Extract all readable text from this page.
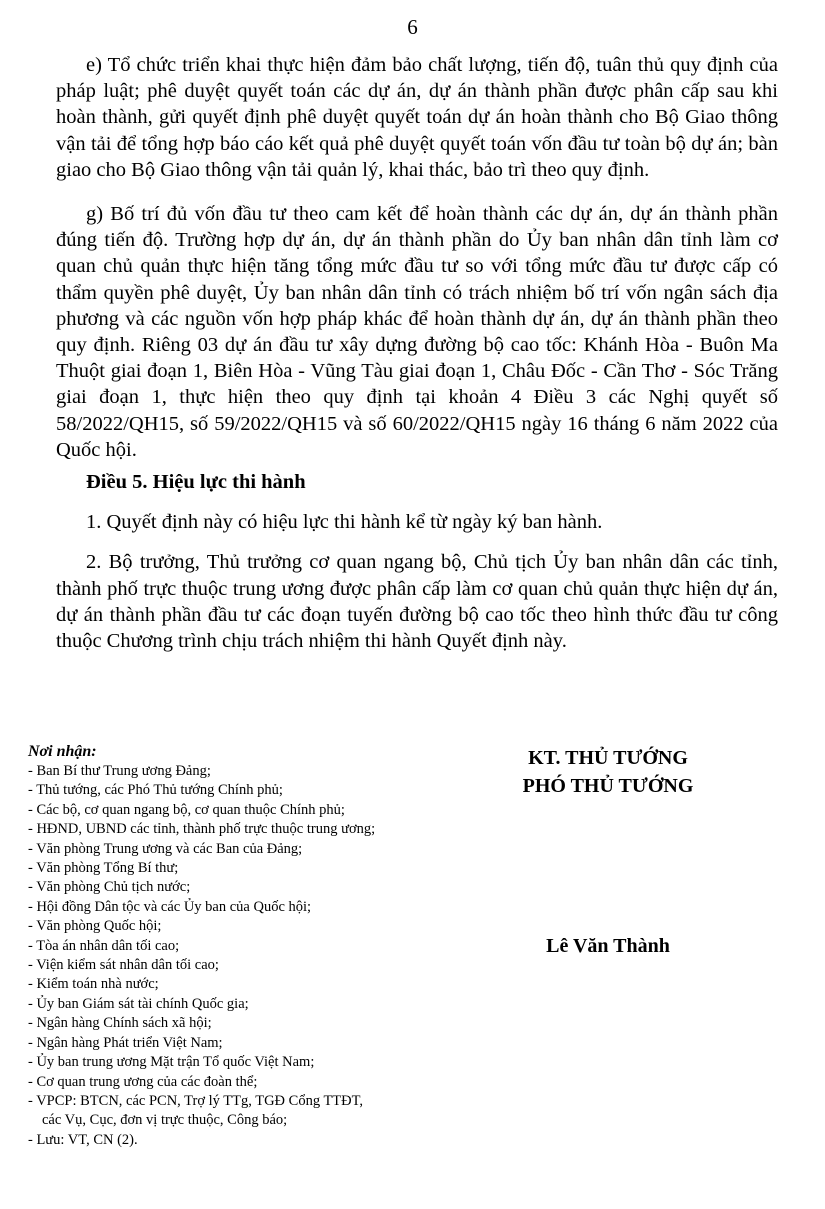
6

e) Tổ chức triển khai thực hiện đảm bảo chất lượng, tiến độ, tuân thủ quy định của pháp luật; phê duyệt quyết toán các dự án, dự án thành phần được phân cấp sau khi hoàn thành, gửi quyết định phê duyệt quyết toán dự án hoàn thành cho Bộ Giao thông vận tải để tổng hợp báo cáo kết quả phê duyệt quyết toán vốn đầu tư toàn bộ dự án; bàn giao cho Bộ Giao thông vận tải quản lý, khai thác, bảo trì theo quy định.

g) Bố trí đủ vốn đầu tư theo cam kết để hoàn thành các dự án, dự án thành phần đúng tiến độ. Trường hợp dự án, dự án thành phần do Ủy ban nhân dân tỉnh làm cơ quan chủ quản thực hiện tăng tổng mức đầu tư so với tổng mức đầu tư được cấp có thẩm quyền phê duyệt, Ủy ban nhân dân tỉnh có trách nhiệm bố trí vốn ngân sách địa phương và các nguồn vốn hợp pháp khác để hoàn thành dự án, dự án thành phần theo quy định. Riêng 03 dự án đầu tư xây dựng đường bộ cao tốc: Khánh Hòa - Buôn Ma Thuột giai đoạn 1, Biên Hòa - Vũng Tàu giai đoạn 1, Châu Đốc - Cần Thơ - Sóc Trăng giai đoạn 1, thực hiện theo quy định tại khoản 4 Điều 3 các Nghị quyết số 58/2022/QH15, số 59/2022/QH15 và số 60/2022/QH15 ngày 16 tháng 6 năm 2022 của Quốc hội.

Điều 5. Hiệu lực thi hành

1. Quyết định này có hiệu lực thi hành kể từ ngày ký ban hành.

2. Bộ trưởng, Thủ trưởng cơ quan ngang bộ, Chủ tịch Ủy ban nhân dân các tỉnh, thành phố trực thuộc trung ương được phân cấp làm cơ quan chủ quản thực hiện dự án, dự án thành phần đầu tư các đoạn tuyến đường bộ cao tốc theo hình thức đầu tư công thuộc Chương trình chịu trách nhiệm thi hành Quyết định này.

Nơi nhận:
- Ban Bí thư Trung ương Đảng;
- Thủ tướng, các Phó Thủ tướng Chính phủ;
- Các bộ, cơ quan ngang bộ, cơ quan thuộc Chính phủ;
- HĐND, UBND các tỉnh, thành phố trực thuộc trung ương;
- Văn phòng Trung ương và các Ban của Đảng;
- Văn phòng Tổng Bí thư;
- Văn phòng Chủ tịch nước;
- Hội đồng Dân tộc và các Ủy ban của Quốc hội;
- Văn phòng Quốc hội;
- Tòa án nhân dân tối cao;
- Viện kiểm sát nhân dân tối cao;
- Kiểm toán nhà nước;
- Ủy ban Giám sát tài chính Quốc gia;
- Ngân hàng Chính sách xã hội;
- Ngân hàng Phát triển Việt Nam;
- Ủy ban trung ương Mặt trận Tổ quốc Việt Nam;
- Cơ quan trung ương của các đoàn thể;
- VPCP: BTCN, các PCN, Trợ lý TTg, TGĐ Cổng TTĐT,
các Vụ, Cục, đơn vị trực thuộc, Công báo;
- Lưu: VT, CN (2).
KT. THỦ TƯỚNG
PHÓ THỦ TƯỚNG
Lê Văn Thành
